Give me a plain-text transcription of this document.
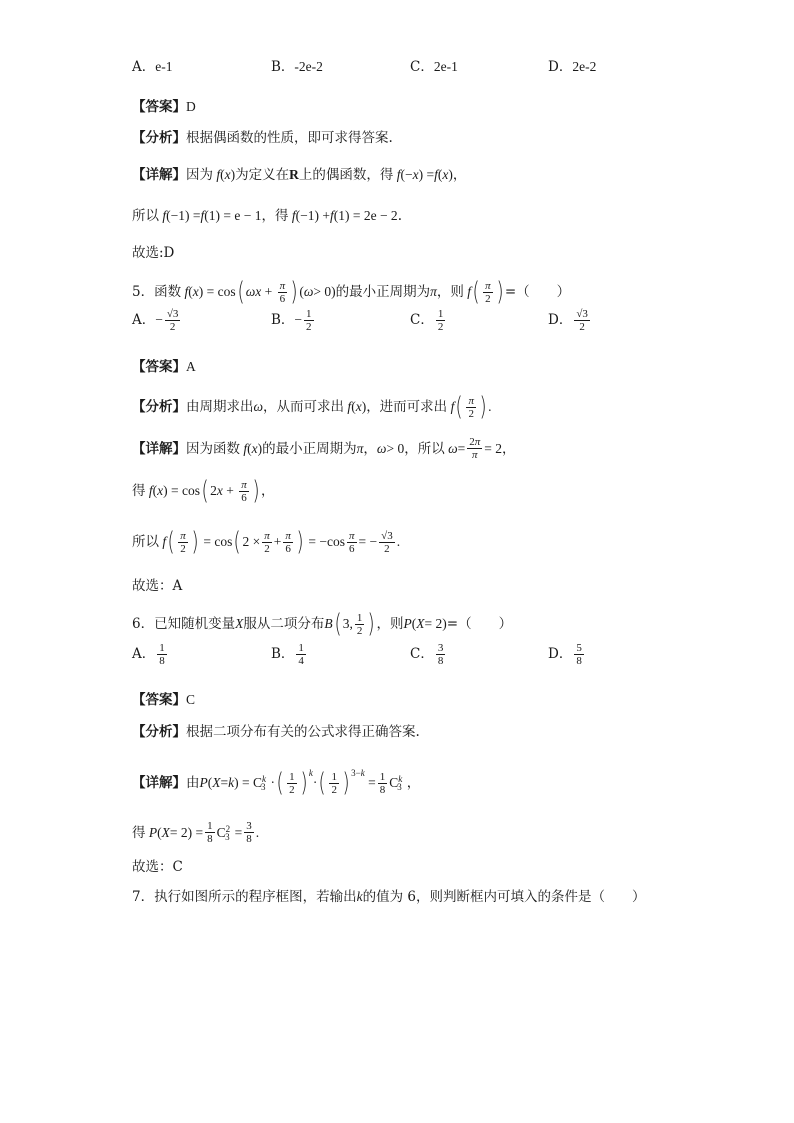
A． e-1	B． -2e-2	C． 2e-1	D． 2e-2
【答案】 D
【分析】 根据偶函数的性质，即可求得答案.
【详解】 因为 f ( x ) 为定义在 R 上的偶函数，得 f (− x ) = f ( x )，
所以 f (−1) = f (1) = e − 1 ，得 f (−1) + f (1) = 2e − 2 .
故选:D
5．函数 f ( x ) = cos ( $\omega x + \frac{\pi}{6}$ ) ( ω > 0) 的最小正周期为 π ，则 f ( $\frac{\pi}{2}$ ) =（　　）
A． − $\frac{√3}{2}$	B． − $\frac{1}{2}$	C． $\frac{1}{2}$	D． $\frac{√3}{2}$
【答案】 A
【分析】 由周期求出 ω ，从而可求出 f ( x ) ，进而可求出 f ( $\frac{\pi}{2}$ ) .
【详解】 因为函数 f ( x ) 的最小正周期为 π ， ω > 0 ，所以 $\omega = \frac{2\pi}{\pi} = 2$，
得 f ( x ) = cos ( 2 $x + \frac{\pi}{6}$ ) ，
所以 f ( $\frac{\pi}{2}$ ) = cos ( $2 \times \frac{\pi}{2} + \frac{\pi}{6}$ ) = $-\cos \frac{\pi}{6}$ = − $\frac{√3}{2}$ .
故选：A
6．已知随机变量 X 服从二项分布 B ( 3, $\frac{1}{2}$ ) ，则 P ( X = 2) =（　　）
A． $\frac{1}{8}$	B． $\frac{1}{4}$	C． $\frac{3}{8}$	D． $\frac{5}{8}$
【答案】 C
【分析】 根据二项分布有关的公式求得正确答案.
【详解】 由 P ( X = k ) = $C^k$
$_3$ · ( $\frac{1}{2} )^k$
· ( $\frac{1}{2} )^{3-k}$
= $\frac{1}{8} C^k$
$_3$ ，
得 P ( $X = 2) = \frac{1}{8} C^2$
$_3 = \frac{3}{8}$ .
故选：C
7．执行如图所示的程序框图，若输出 k 的值为 6，则判断框内可填入的条件是（　　）
